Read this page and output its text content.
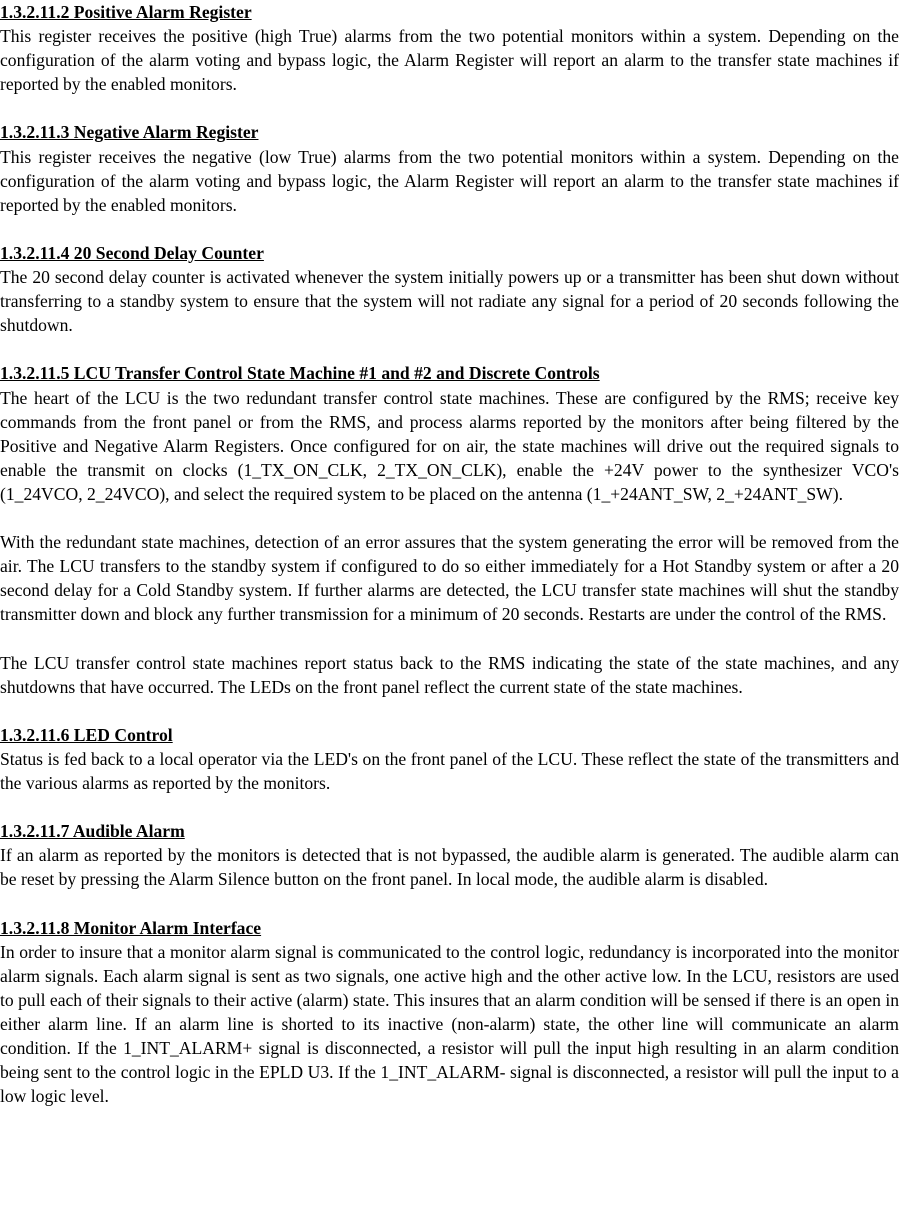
1.3.2.11.2 Positive Alarm Register

This register receives the positive (high True) alarms from the two potential monitors within a system. Depending on the configuration of the alarm voting and bypass logic, the Alarm Register will report an alarm to the transfer state machines if reported by the enabled monitors.

1.3.2.11.3 Negative Alarm Register

This register receives the negative (low True) alarms from the two potential monitors within a system. Depending on the configuration of the alarm voting and bypass logic, the Alarm Register will report an alarm to the transfer state machines if reported by the enabled monitors.

1.3.2.11.4 20 Second Delay Counter

The 20 second delay counter is activated whenever the system initially powers up or a transmitter has been shut down without transferring to a standby system to ensure that the system will not radiate any signal for a period of 20 seconds following the shutdown.

1.3.2.11.5 LCU Transfer Control State Machine #1 and #2 and Discrete Controls

The heart of the LCU is the two redundant transfer control state machines. These are configured by the RMS; receive key commands from the front panel or from the RMS, and process alarms reported by the monitors after being filtered by the Positive and Negative Alarm Registers. Once configured for on air, the state machines will drive out the required signals to enable the transmit on clocks (1_TX_ON_CLK, 2_TX_ON_CLK), enable the +24V power to the synthesizer VCO's (1_24VCO, 2_24VCO), and select the required system to be placed on the antenna (1_+24ANT_SW, 2_+24ANT_SW).

With the redundant state machines, detection of an error assures that the system generating the error will be removed from the air. The LCU transfers to the standby system if configured to do so either immediately for a Hot Standby system or after a 20 second delay for a Cold Standby system. If further alarms are detected, the LCU transfer state machines will shut the standby transmitter down and block any further transmission for a minimum of 20 seconds. Restarts are under the control of the RMS.

The LCU transfer control state machines report status back to the RMS indicating the state of the state machines, and any shutdowns that have occurred. The LEDs on the front panel reflect the current state of the state machines.

1.3.2.11.6 LED Control

Status is fed back to a local operator via the LED's on the front panel of the LCU. These reflect the state of the transmitters and the various alarms as reported by the monitors.

1.3.2.11.7 Audible Alarm

If an alarm as reported by the monitors is detected that is not bypassed, the audible alarm is generated. The audible alarm can be reset by pressing the Alarm Silence button on the front panel. In local mode, the audible alarm is disabled.

1.3.2.11.8 Monitor Alarm Interface

In order to insure that a monitor alarm signal is communicated to the control logic, redundancy is incorporated into the monitor alarm signals. Each alarm signal is sent as two signals, one active high and the other active low. In the LCU, resistors are used to pull each of their signals to their active (alarm) state. This insures that an alarm condition will be sensed if there is an open in either alarm line. If an alarm line is shorted to its inactive (non-alarm) state, the other line will communicate an alarm condition. If the 1_INT_ALARM+ signal is disconnected, a resistor will pull the input high resulting in an alarm condition being sent to the control logic in the EPLD U3. If the 1_INT_ALARM- signal is disconnected, a resistor will pull the input to a low logic level.
